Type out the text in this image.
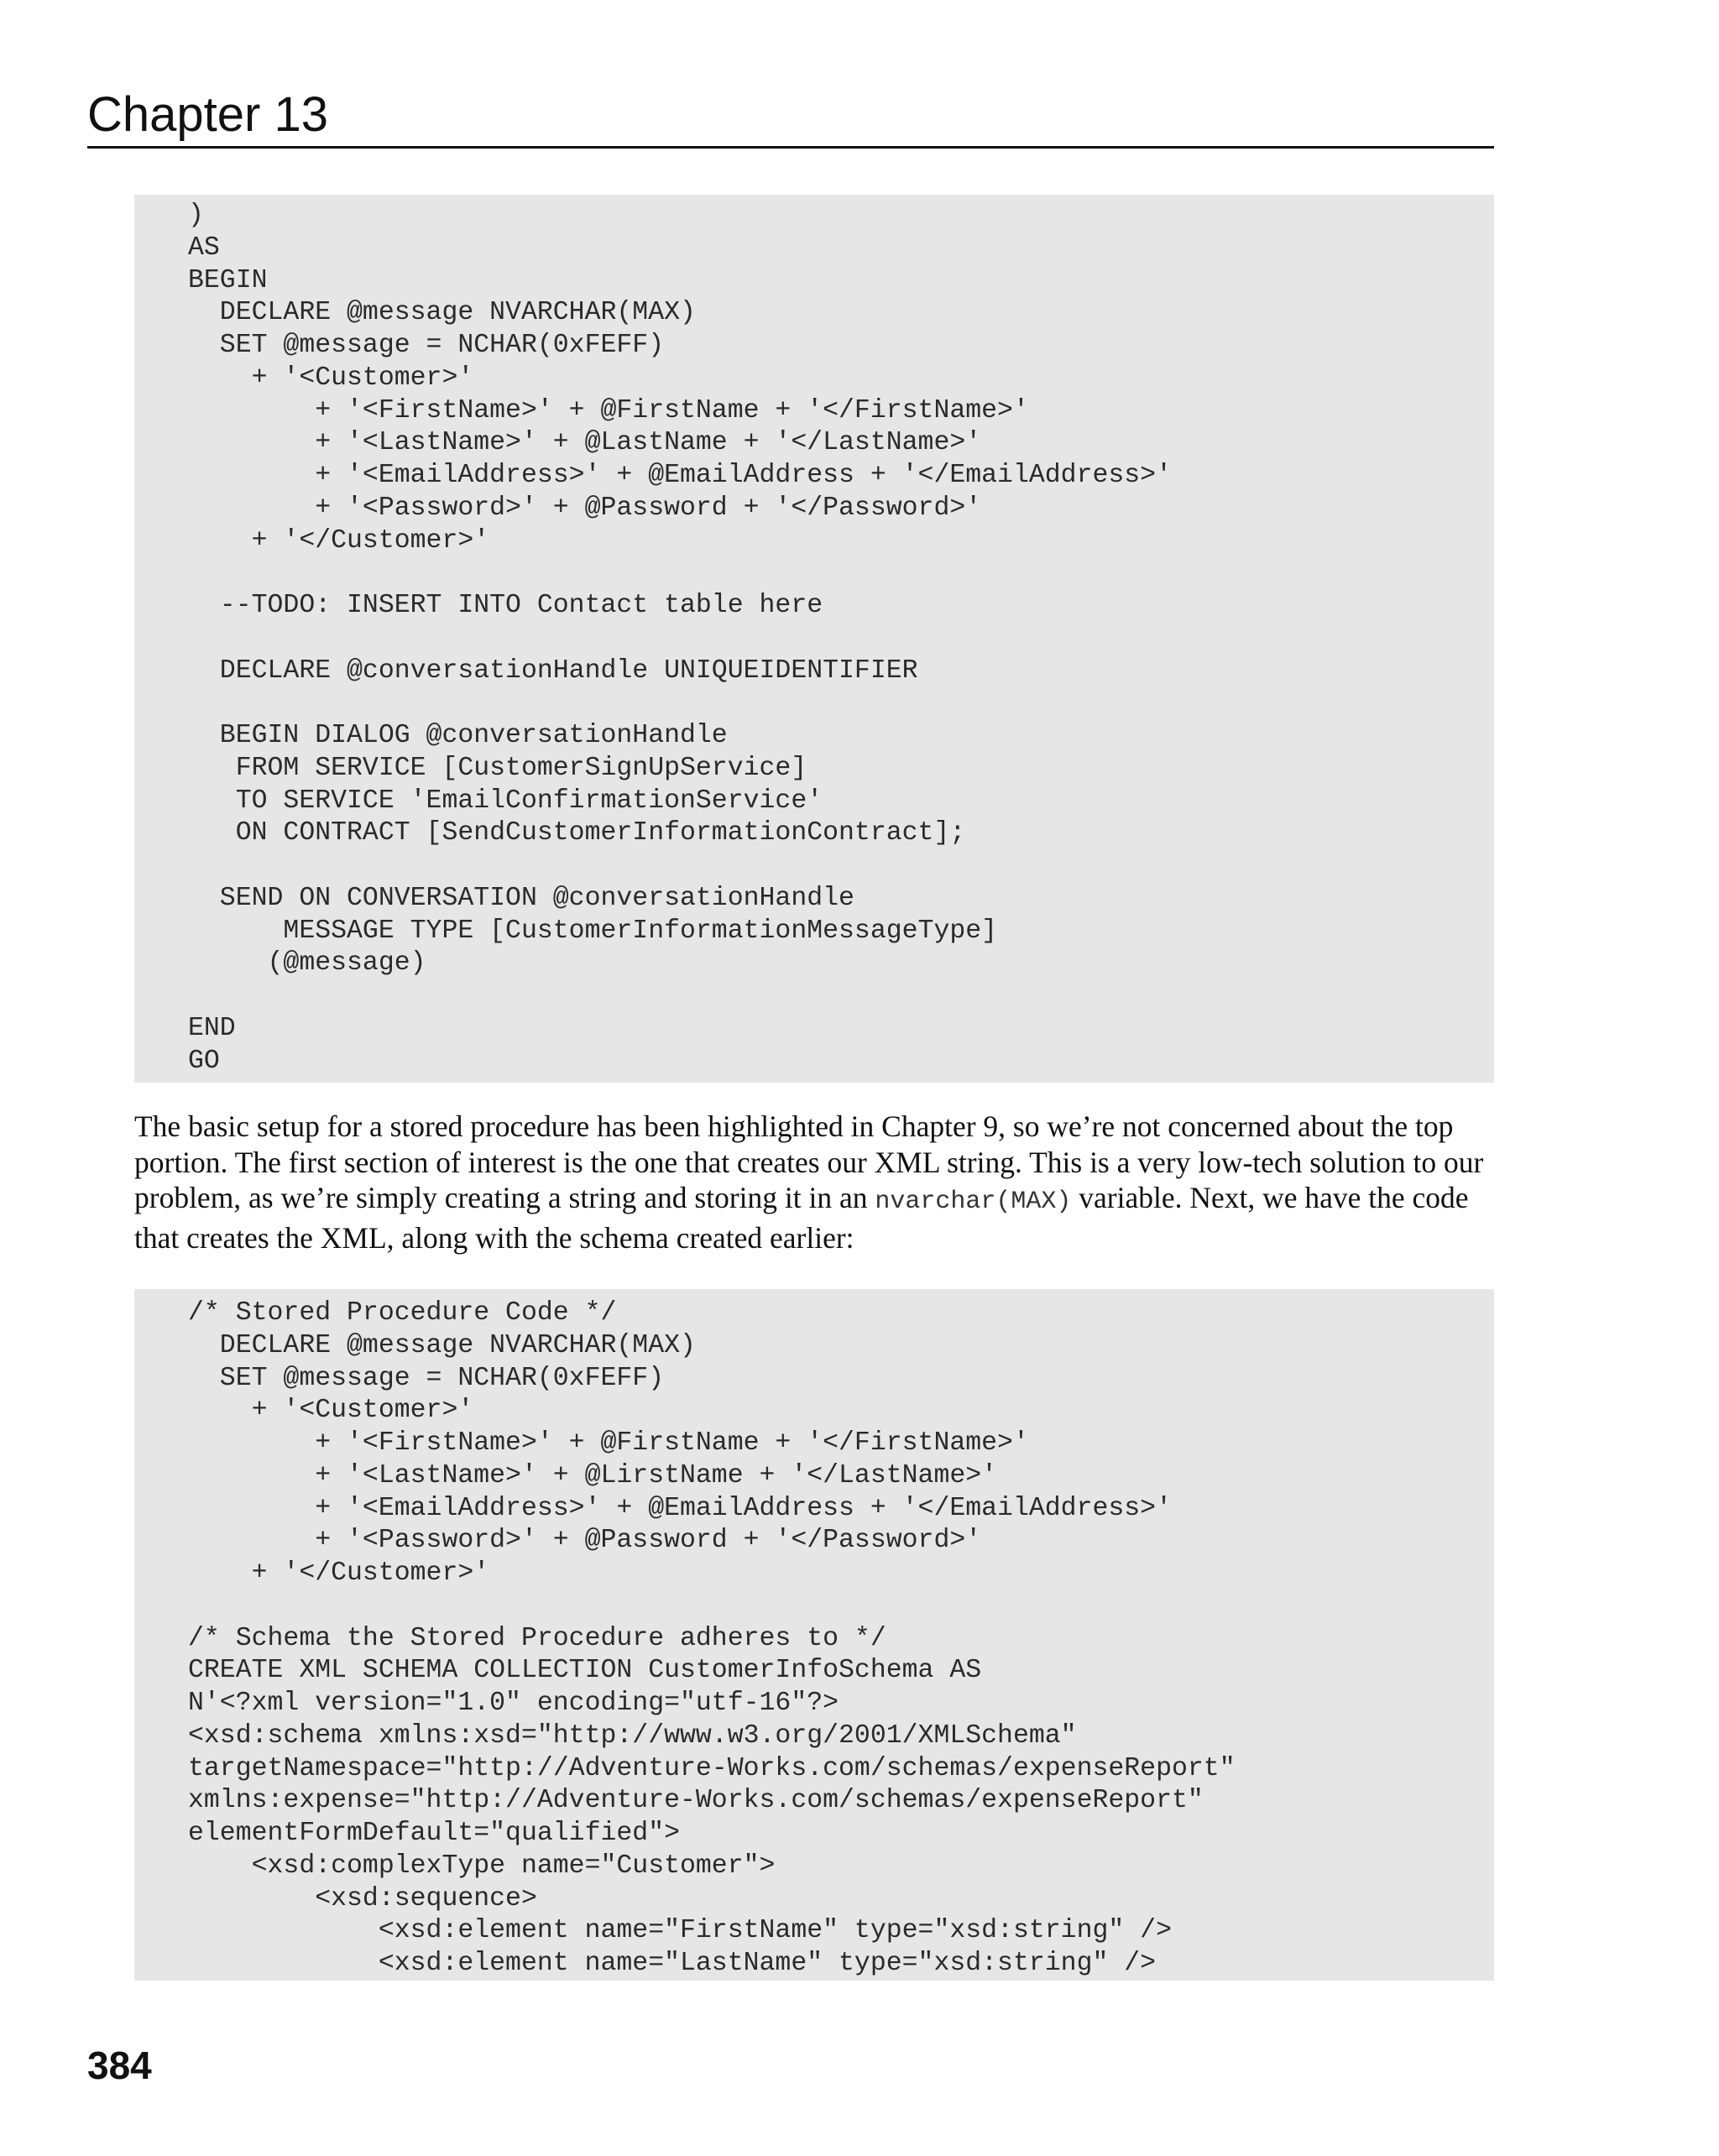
Chapter 13
)
AS
BEGIN
DECLARE @message NVARCHAR(MAX)
SET @message = NCHAR(0xFEFF)
+ '<Customer>'
+ '<FirstName>' + @FirstName + '</FirstName>'
+ '<LastName>' + @LastName + '</LastName>'
+ '<EmailAddress>' + @EmailAddress + '</EmailAddress>'
+ '<Password>' + @Password + '</Password>'
+ '</Customer>'
--TODO: INSERT INTO Contact table here
DECLARE @conversationHandle UNIQUEIDENTIFIER
BEGIN DIALOG @conversationHandle
FROM SERVICE [CustomerSignUpService]
TO SERVICE 'EmailConfirmationService'
ON CONTRACT [SendCustomerInformationContract];
SEND ON CONVERSATION @conversationHandle
MESSAGE TYPE [CustomerInformationMessageType]
(@message)
END
GO

The basic setup for a stored procedure has been highlighted in Chapter 9, so we’re not concerned about the top portion. The first section of interest is the one that creates our XML string. This is a very low-tech solution to our problem, as we’re simply creating a string and storing it in an nvarchar(MAX) variable. Next, we have the code that creates the XML, along with the schema created earlier:

/* Stored Procedure Code */
DECLARE @message NVARCHAR(MAX)
SET @message = NCHAR(0xFEFF)
+ '<Customer>'
+ '<FirstName>' + @FirstName + '</FirstName>'
+ '<LastName>' + @LirstName + '</LastName>'
+ '<EmailAddress>' + @EmailAddress + '</EmailAddress>'
+ '<Password>' + @Password + '</Password>'
+ '</Customer>'
/* Schema the Stored Procedure adheres to */
CREATE XML SCHEMA COLLECTION CustomerInfoSchema AS
N'<?xml version="1.0" encoding="utf-16"?>
<xsd:schema xmlns:xsd="http://www.w3.org/2001/XMLSchema"
targetNamespace="http://Adventure-Works.com/schemas/expenseReport"
xmlns:expense="http://Adventure-Works.com/schemas/expenseReport"
elementFormDefault="qualified">
<xsd:complexType name="Customer">
<xsd:sequence>
<xsd:element name="FirstName" type="xsd:string" />
<xsd:element name="LastName" type="xsd:string" />
384
